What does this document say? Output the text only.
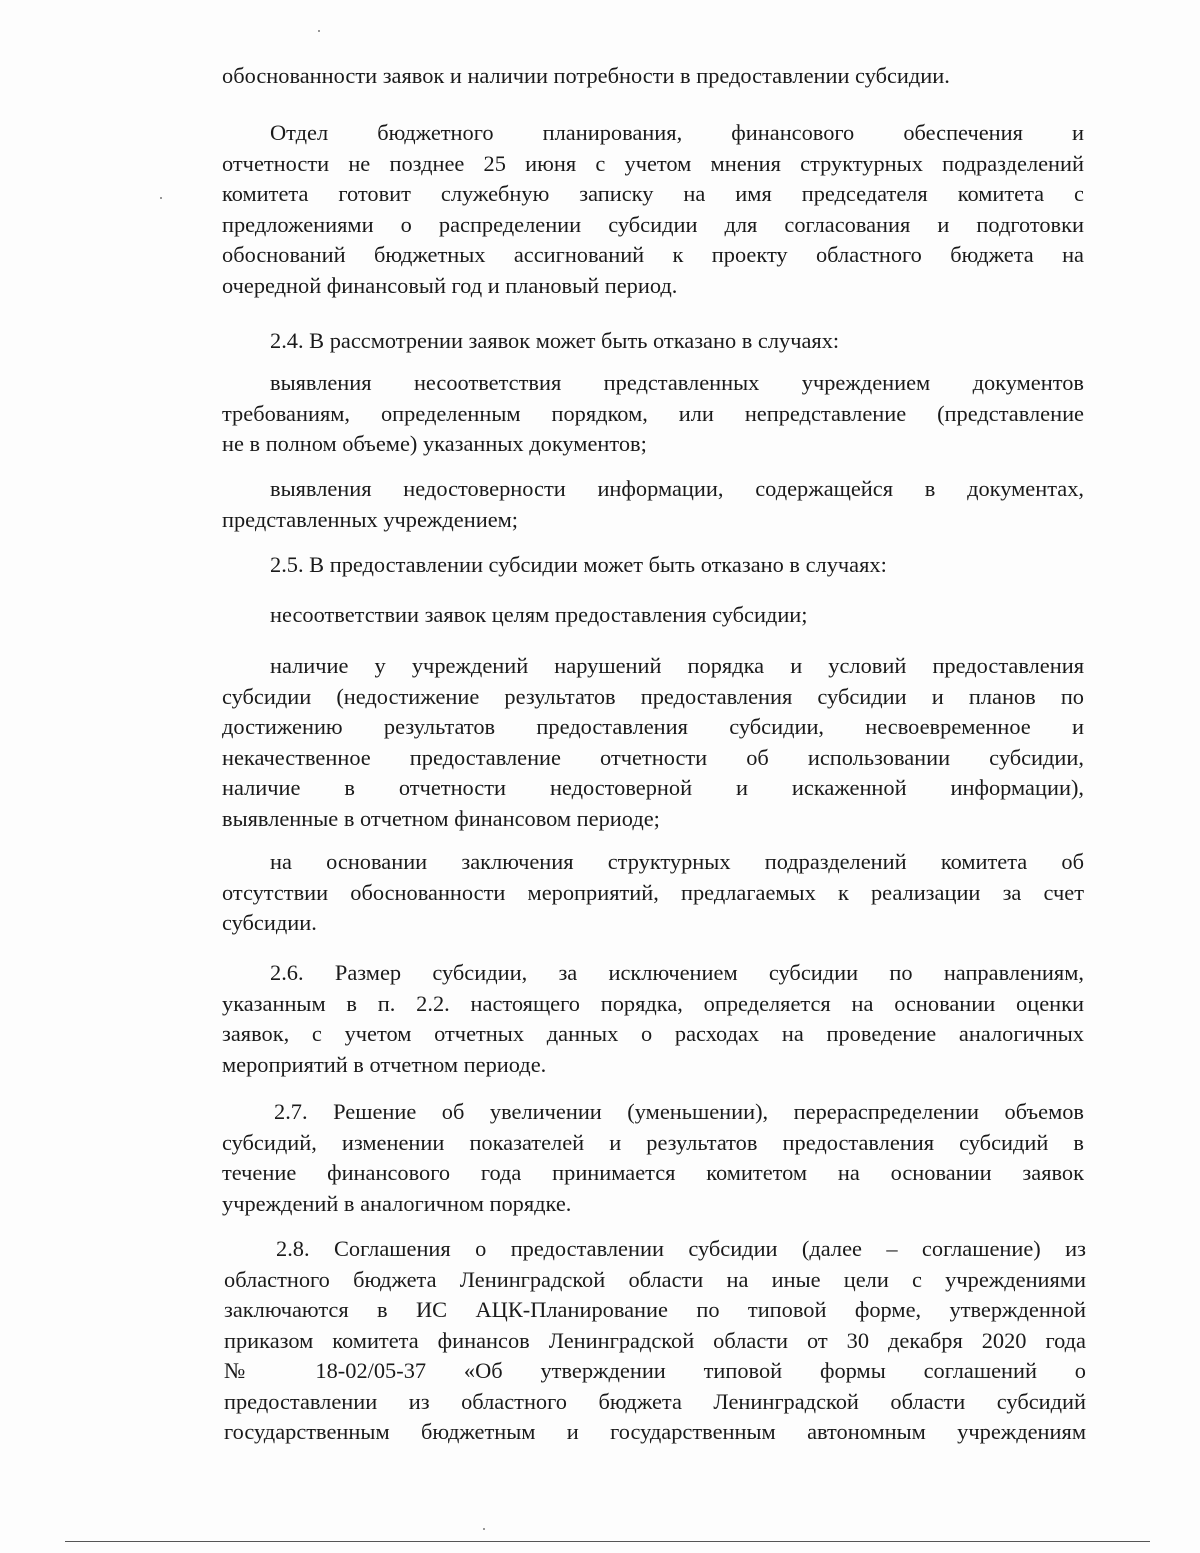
обоснованности заявок и наличии потребности в предоставлении субсидии.
Отдел бюджетного планирования, финансового обеспечения и
отчетности не позднее 25 июня с учетом мнения структурных подразделений
комитета готовит служебную записку на имя председателя комитета с
предложениями о распределении субсидии для согласования и подготовки
обоснований бюджетных ассигнований к проекту областного бюджета на
очередной финансовый год и плановый период.
2.4. В рассмотрении заявок может быть отказано в случаях:
выявления несоответствия представленных учреждением документов
требованиям, определенным порядком, или непредставление (представление
не в полном объеме) указанных документов;
выявления недостоверности информации, содержащейся в документах,
представленных учреждением;
2.5. В предоставлении субсидии может быть отказано в случаях:
несоответствии заявок целям предоставления субсидии;
наличие у учреждений нарушений порядка и условий предоставления
субсидии (недостижение результатов предоставления субсидии и планов по
достижению результатов предоставления субсидии, несвоевременное и
некачественное предоставление отчетности об использовании субсидии,
наличие в отчетности недостоверной и искаженной информации),
выявленные в отчетном финансовом периоде;
на основании заключения структурных подразделений комитета об
отсутствии обоснованности мероприятий, предлагаемых к реализации за счет
субсидии.
2.6. Размер субсидии, за исключением субсидии по направлениям,
указанным в п. 2.2. настоящего порядка, определяется на основании оценки
заявок, с учетом отчетных данных о расходах на проведение аналогичных
мероприятий в отчетном периоде.
2.7. Решение об увеличении (уменьшении), перераспределении объемов
субсидий, изменении показателей и результатов предоставления субсидий в
течение финансового года принимается комитетом на основании заявок
учреждений в аналогичном порядке.
2.8. Соглашения о предоставлении субсидии (далее – соглашение) из
областного бюджета Ленинградской области на иные цели с учреждениями
заключаются в ИС АЦК-Планирование по типовой форме, утвержденной
приказом комитета финансов Ленинградской области от 30 декабря 2020 года
№ 18-02/05-37 «Об утверждении типовой формы соглашений о
предоставлении из областного бюджета Ленинградской области субсидий
государственным бюджетным и государственным автономным учреждениям
